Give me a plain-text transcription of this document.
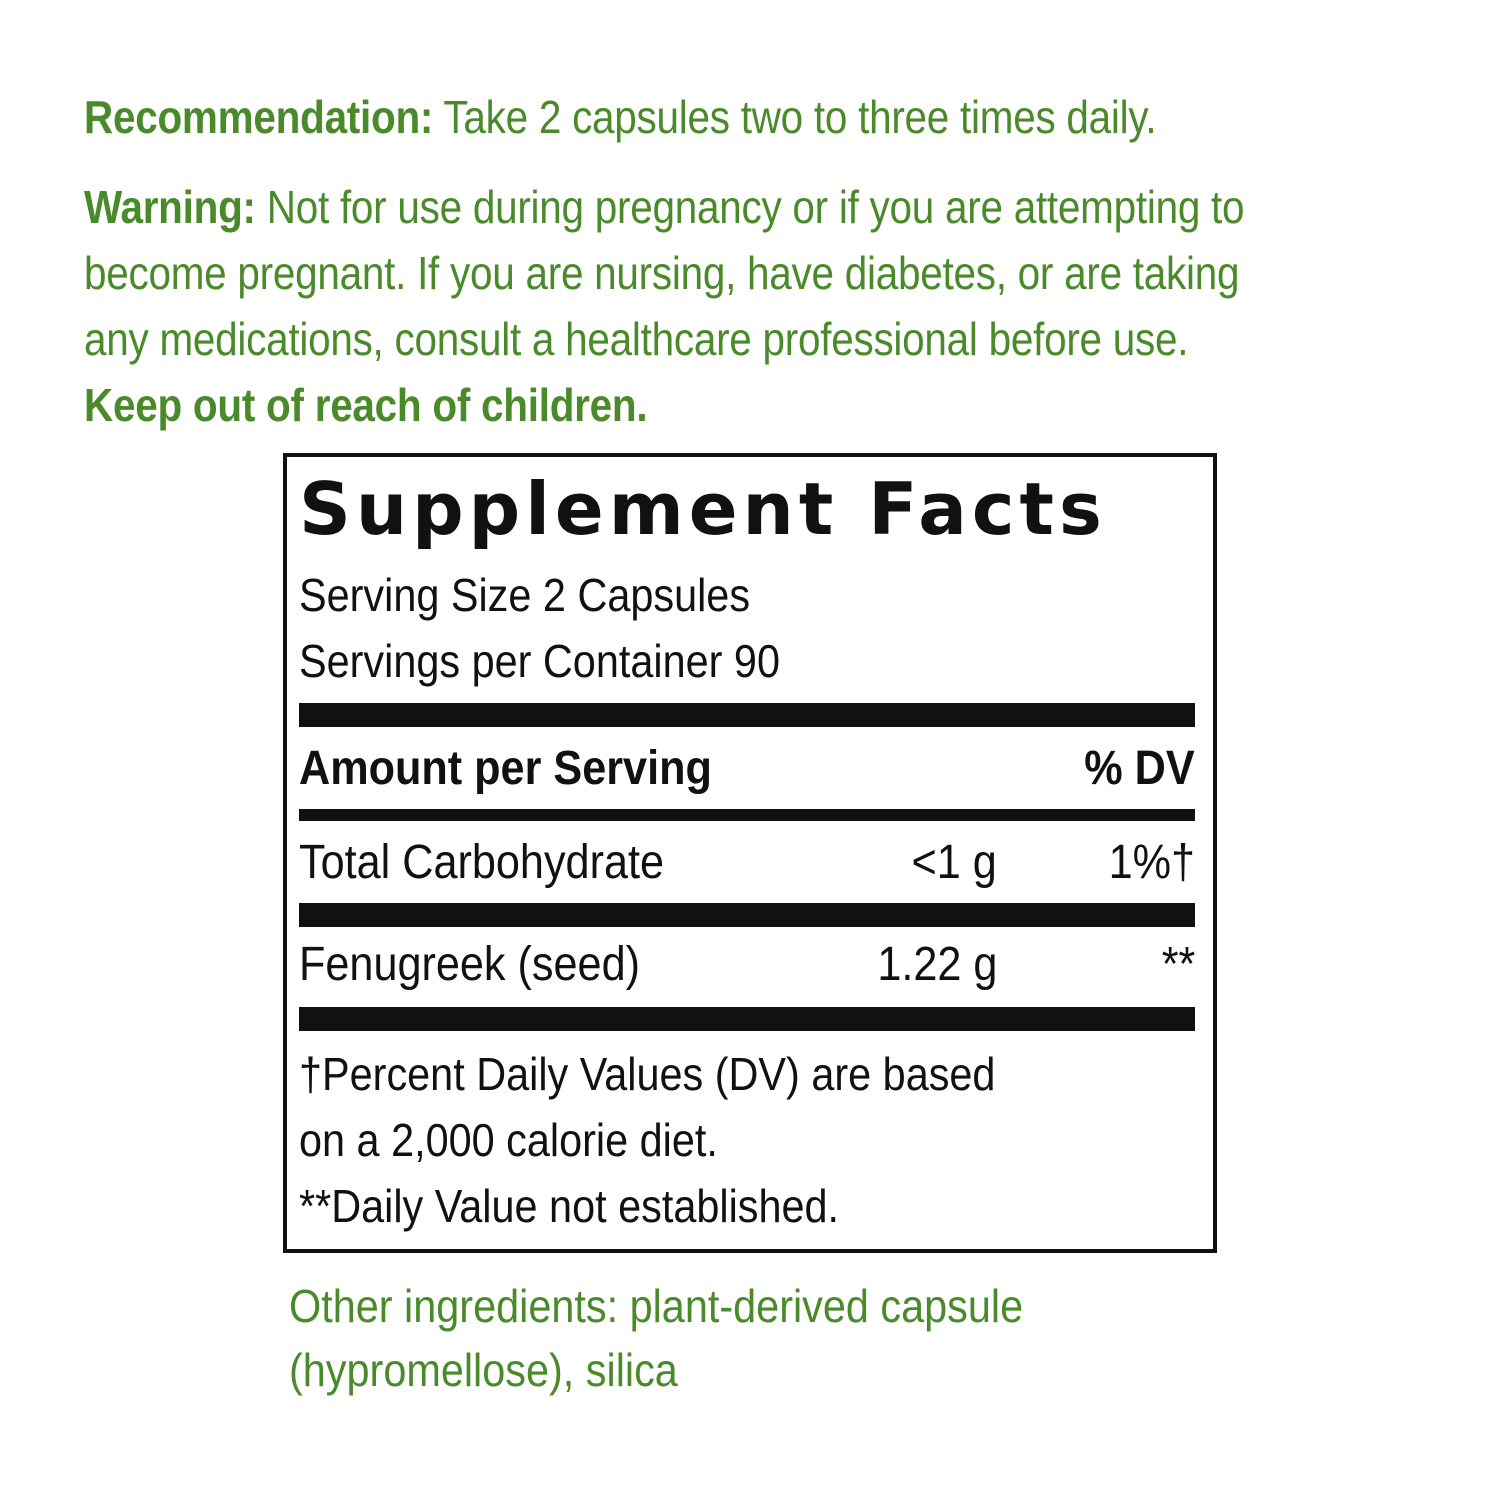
Recommendation: Take 2 capsules two to three times daily.

Warning: Not for use during pregnancy or if you are attempting to become pregnant. If you are nursing, have diabetes, or are taking any medications, consult a healthcare professional before use. Keep out of reach of children.

Supplement Facts
Serving Size 2 Capsules
Servings per Container 90
Amount per Serving	% DV
Total Carbohydrate	<1 g 1%†
Fenugreek (seed)	1.22 g	**
†Percent Daily Values (DV) are based
on a 2,000 calorie diet.
**Daily Value not established.
Other ingredients: plant-derived capsule
(hypromellose), silica
